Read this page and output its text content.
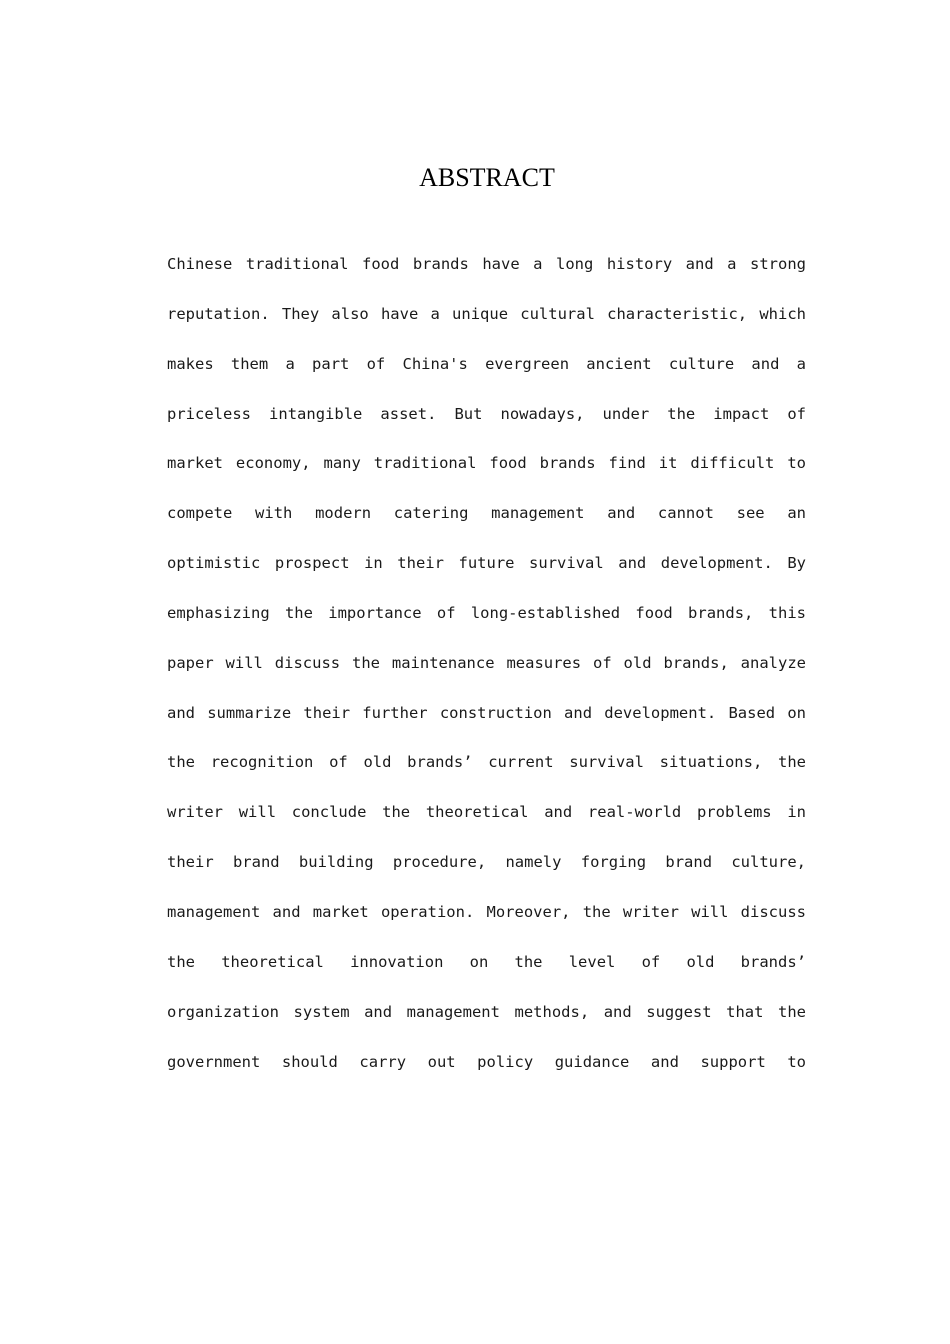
ABSTRACT
Chinese traditional food brands have a long history and a strong
reputation. They also have a unique cultural characteristic, which
makes them a part of China's evergreen ancient culture and a
priceless intangible asset. But nowadays, under the impact of
market economy, many traditional food brands find it difficult to
compete with modern catering management and cannot see an
optimistic prospect in their future survival and development. By
emphasizing the importance of long-established food brands, this
paper will discuss the maintenance measures of old brands, analyze
and summarize their further construction and development. Based on
the recognition of old brands’ current survival situations, the
writer will conclude the theoretical and real-world problems in
their brand building procedure, namely forging brand culture,
management and market operation. Moreover, the writer will discuss
the theoretical innovation on the level of old brands’
organization system and management methods, and suggest that the
government should carry out policy guidance and support to
